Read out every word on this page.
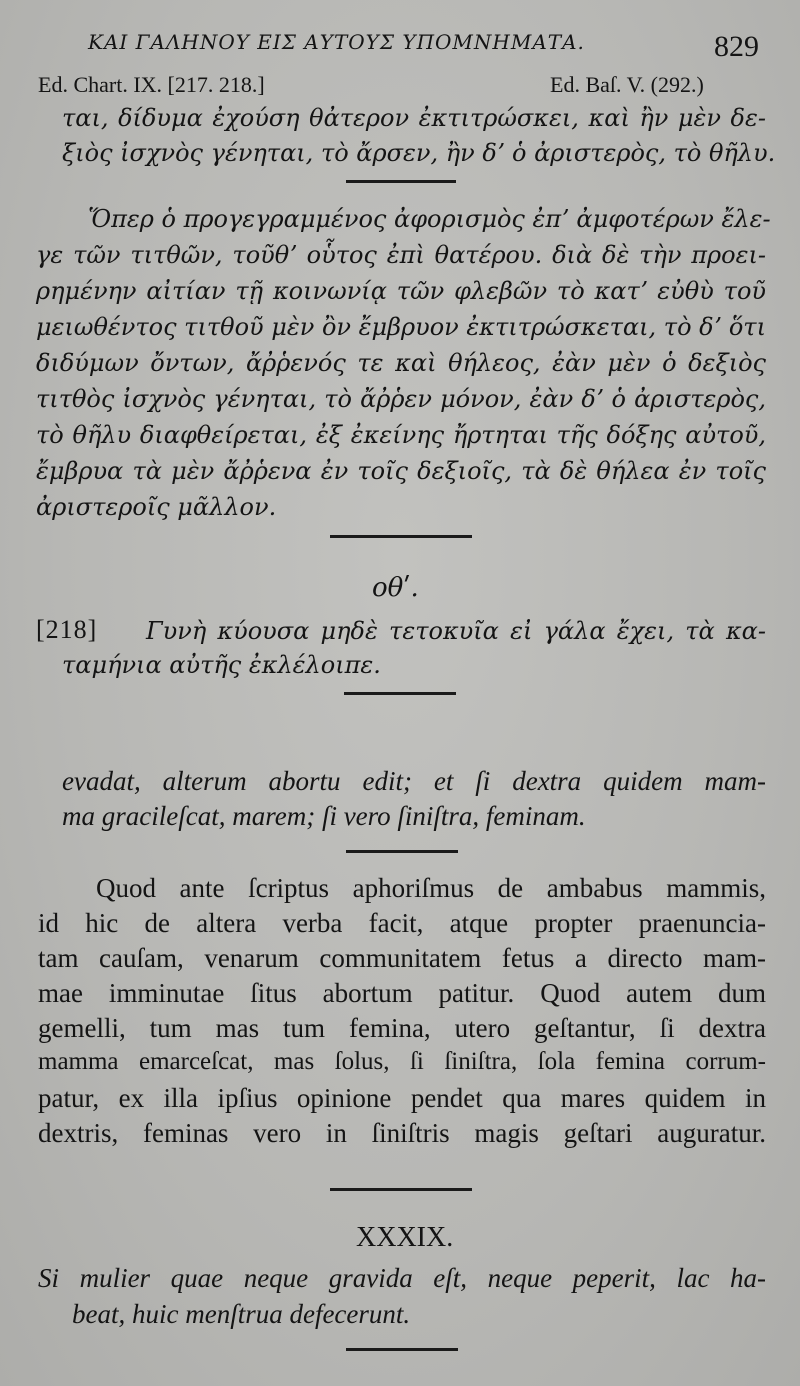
ΚΑΙ ΓΑΛΗΝΟΥ ΕΙΣ ΑΥΤΟΥΣ ΥΠΟΜΝΗΜΑΤΑ.	829
Ed. Chart. IX. [217. 218.]	Ed. Baſ. V. (292.)
ται, δίδυμα ἐχούση θἀτερον ἐκτιτρώσκει, καὶ ἢν μὲν δε-
ξιὸς ἰσχνὸς γένηται, τὸ ἄρσεν, ἢν δʼ ὁ ἀριστερὸς, τὸ θῆλυ.
Ὅπερ ὁ προγεγραμμένος ἀφορισμὸς ἐπʼ ἀμφοτέρων ἔλε-
γε τῶν τιτθῶν, τοῦθʼ οὗτος ἐπὶ θατέρου. διὰ δὲ τὴν προει-
ρημένην αἰτίαν τῇ κοινωνίᾳ τῶν φλεβῶν τὸ κατʼ εὐθὺ τοῦ
μειωθέντος τιτθοῦ μὲν ὂν ἔμβρυον ἐκτιτρώσκεται, τὸ δʼ ὅτι
διδύμων ὄντων, ἄῤῥενός τε καὶ θήλεος, ἐὰν μὲν ὁ δεξιὸς
τιτθὸς ἰσχνὸς γένηται, τὸ ἄῤῥεν μόνον, ἐὰν δʼ ὁ ἀριστερὸς,
τὸ θῆλυ διαφθείρεται, ἐξ ἐκείνης ἤρτηται τῆς δόξης αὐτοῦ,
ἔμβρυα τὰ μὲν ἄῤῥενα ἐν τοῖς δεξιοῖς, τὰ δὲ θήλεα ἐν τοῖς
ἀριστεροῖς μᾶλλον.
οθʹ.
[218] Γυνὴ κύουσα μηδὲ τετοκυῖα εἰ γάλα ἔχει, τὰ κα-
ταμήνια αὐτῆς ἐκλέλοιπε.
evadat, alterum abortu edit; et ſi dextra quidem mam-
ma gracileſcat, marem; ſi vero ſiniſtra, feminam.
Quod ante ſcriptus aphoriſmus de ambabus mammis,
id hic de altera verba facit, atque propter praenuncia-
tam cauſam, venarum communitatem fetus a directo mam-
mae imminutae ſitus abortum patitur. Quod autem dum
gemelli, tum mas tum femina, utero geſtantur, ſi dextra
mamma emarceſcat, mas ſolus, ſi ſiniſtra, ſola femina corrum-
patur, ex illa ipſius opinione pendet qua mares quidem in
dextris, feminas vero in ſiniſtris magis geſtari auguratur.
XXXIX.
Si mulier quae neque gravida eſt, neque peperit, lac ha-
beat, huic menſtrua defecerunt.
